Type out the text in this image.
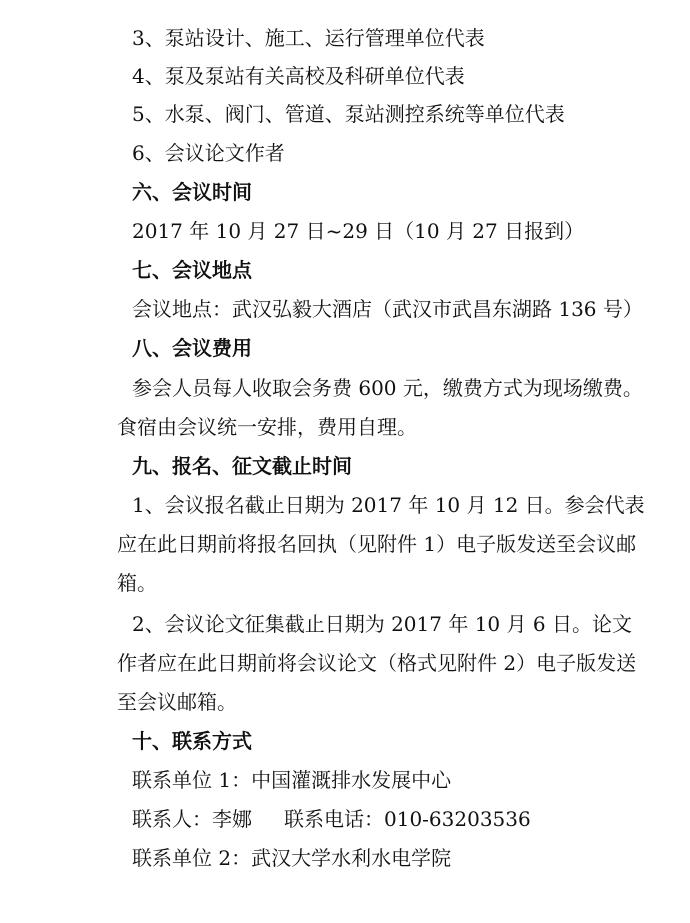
3、泵站设计、施工、运行管理单位代表
4、泵及泵站有关高校及科研单位代表
5、水泵、阀门、管道、泵站测控系统等单位代表
6、会议论文作者
六、会议时间
2017 年 10 月 27 日~29 日（10 月 27 日报到）
七、会议地点
会议地点：武汉弘毅大酒店（武汉市武昌东湖路 136 号）
八、会议费用
参会人员每人收取会务费 600 元，缴费方式为现场缴费。
食宿由会议统一安排，费用自理。
九、报名、征文截止时间
1、会议报名截止日期为 2017 年 10 月 12 日。参会代表
应在此日期前将报名回执（见附件 1）电子版发送至会议邮
箱。
2、会议论文征集截止日期为 2017 年 10 月 6 日。论文
作者应在此日期前将会议论文（格式见附件 2）电子版发送
至会议邮箱。
十、联系方式
联系单位 1：中国灌溉排水发展中心
联系人：李娜 联系电话：010-63203536
联系单位 2：武汉大学水利水电学院
